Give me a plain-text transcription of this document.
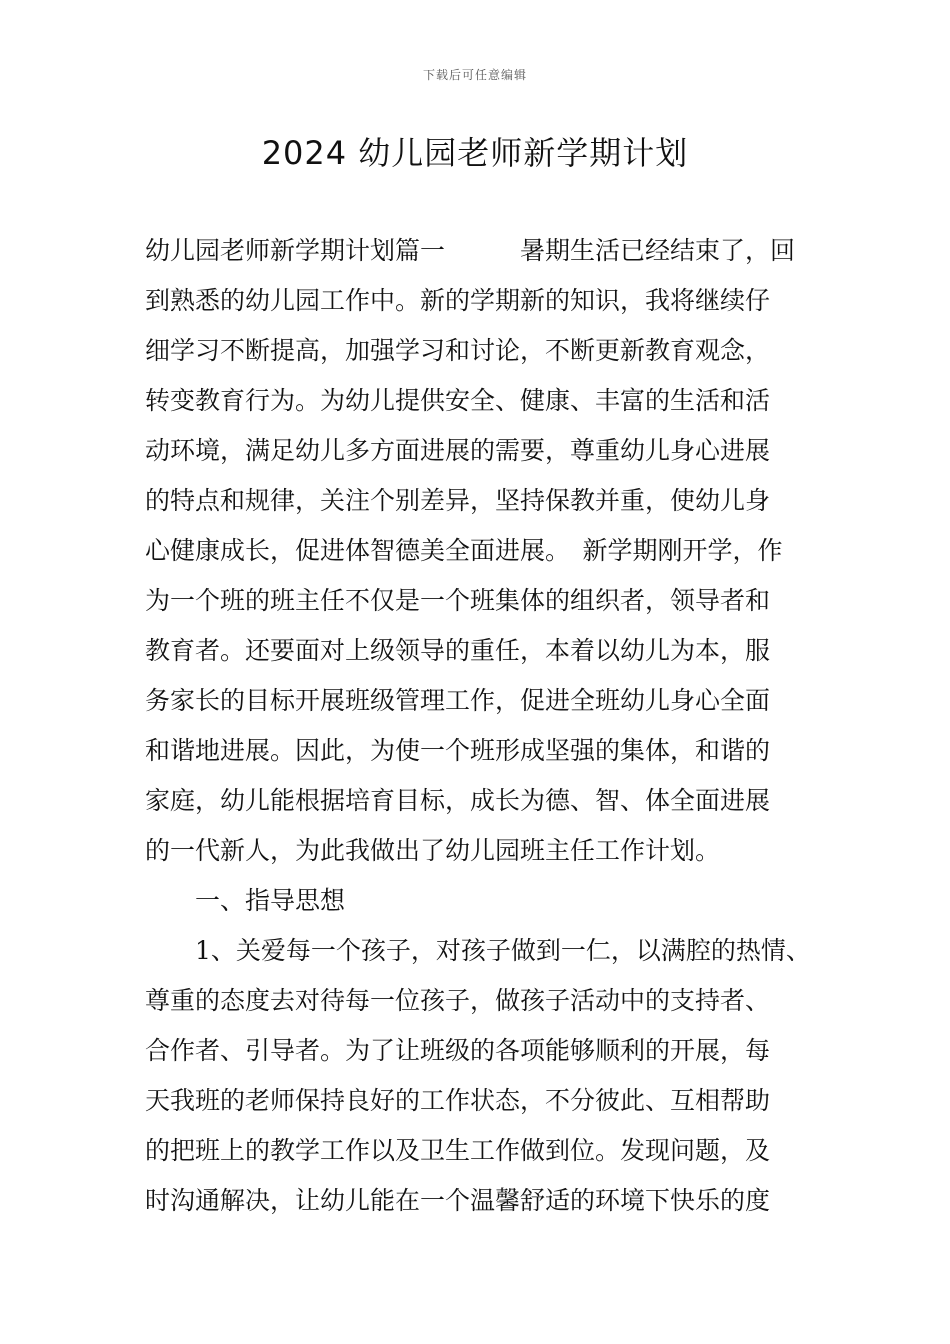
下载后可任意编辑
2024 幼儿园老师新学期计划
幼儿园老师新学期计划篇一　　　暑期生活已经结束了，回
到熟悉的幼儿园工作中。新的学期新的知识，我将继续仔
细学习不断提高，加强学习和讨论，不断更新教育观念，
转变教育行为。为幼儿提供安全、健康、丰富的生活和活
动环境，满足幼儿多方面进展的需要，尊重幼儿身心进展
的特点和规律，关注个别差异，坚持保教并重，使幼儿身
心健康成长，促进体智德美全面进展。　新学期刚开学，作
为一个班的班主任不仅是一个班集体的组织者，领导者和
教育者。还要面对上级领导的重任，本着以幼儿为本，服
务家长的目标开展班级管理工作，促进全班幼儿身心全面
和谐地进展。因此，为使一个班形成坚强的集体，和谐的
家庭，幼儿能根据培育目标，成长为德、智、体全面进展
的一代新人，为此我做出了幼儿园班主任工作计划。
一、指导思想
1、关爱每一个孩子，对孩子做到一仁，以满腔的热情、
尊重的态度去对待每一位孩子，做孩子活动中的支持者、
合作者、引导者。为了让班级的各项能够顺利的开展，每
天我班的老师保持良好的工作状态，不分彼此、互相帮助
的把班上的教学工作以及卫生工作做到位。发现问题，及
时沟通解决，让幼儿能在一个温馨舒适的环境下快乐的度
